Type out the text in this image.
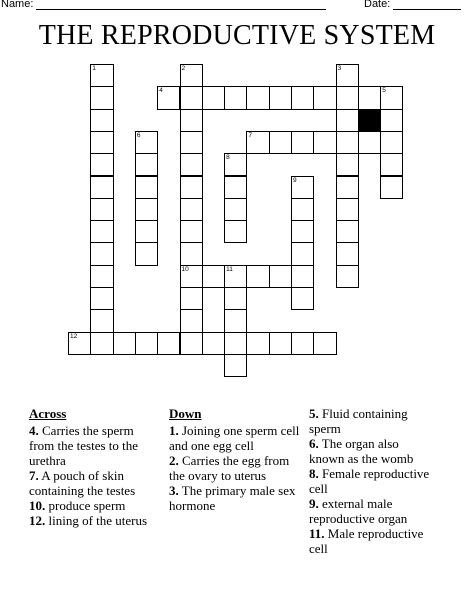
Name:	Date:
THE REPRODUCTIVE SYSTEM
1	2	3
4	5
6	7
8
9
10	11
12
Across

4. Carries the sperm from the testes to the urethra

7. A pouch of skin containing the testes

10. produce sperm

12. lining of the uterus

Down

1. Joining one sperm cell and one egg cell

2. Carries the egg from the ovary to uterus

3. The primary male sex hormone

5. Fluid containing sperm

6. The organ also known as the womb

8. Female reproductive cell

9. external male reproductive organ

11. Male reproductive cell
